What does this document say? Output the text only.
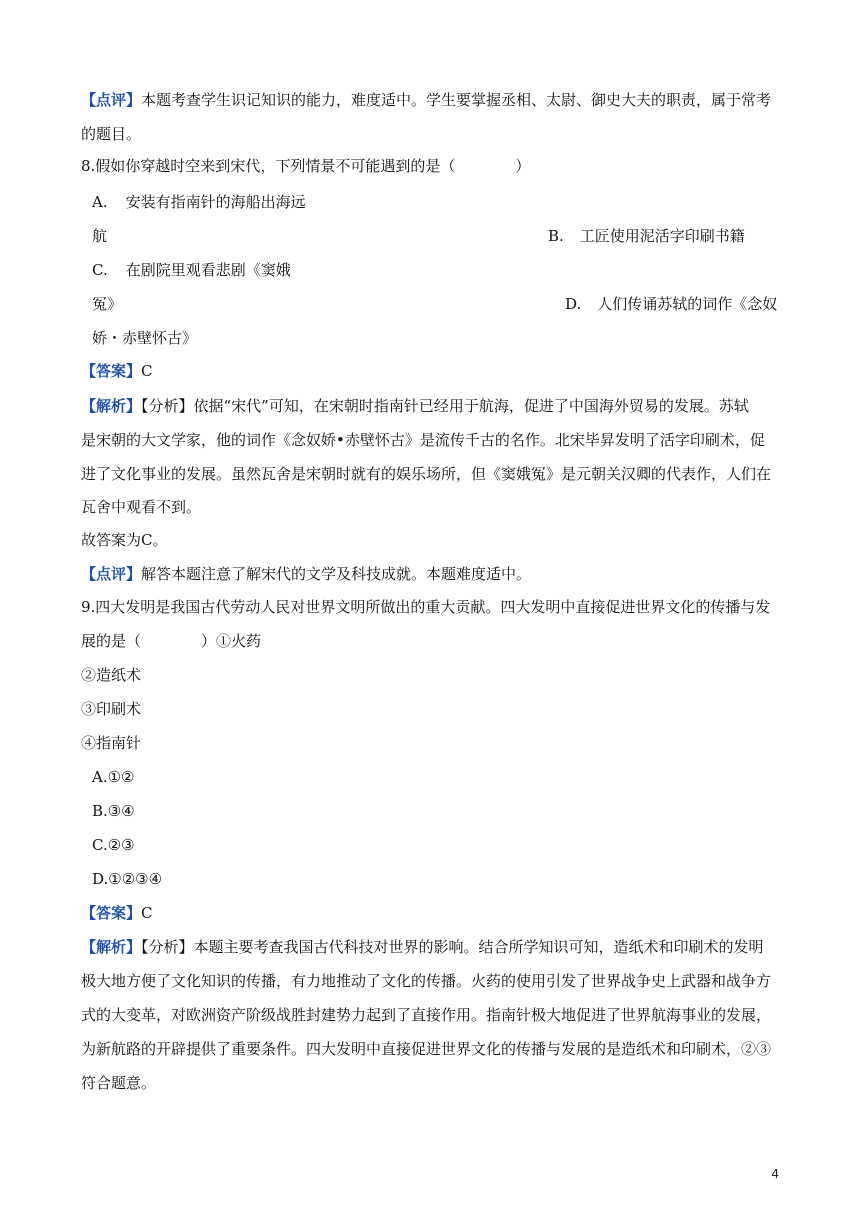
【点评】本题考查学生识记知识的能力，难度适中。学生要掌握丞相、太尉、御史大夫的职责，属于常考
的题目。
8.假如你穿越时空来到宋代，下列情景不可能遇到的是（　　　　）
A. 安装有指南针的海船出海远
航	B. 工匠使用泥活字印刷书籍
C. 在剧院里观看悲剧《窦娥
冤》	D. 人们传诵苏轼的词作《念奴
娇・赤壁怀古》
【答案】C
【解析】【分析】依据“宋代”可知，在宋朝时指南针已经用于航海，促进了中国海外贸易的发展。苏轼
是宋朝的大文学家，他的词作《念奴娇•赤壁怀古》是流传千古的名作。北宋毕昇发明了活字印刷术，促
进了文化事业的发展。虽然瓦舍是宋朝时就有的娱乐场所，但《窦娥冤》是元朝关汉卿的代表作，人们在
瓦舍中观看不到。
故答案为C。
【点评】解答本题注意了解宋代的文学及科技成就。本题难度适中。
9.四大发明是我国古代劳动人民对世界文明所做出的重大贡献。四大发明中直接促进世界文化的传播与发
展的是（　　　　）①火药
②造纸术
③印刷术
④指南针
A.①②
B.③④
C.②③
D.①②③④
【答案】C
【解析】【分析】本题主要考查我国古代科技对世界的影响。结合所学知识可知，造纸术和印刷术的发明
极大地方便了文化知识的传播，有力地推动了文化的传播。火药的使用引发了世界战争史上武器和战争方
式的大变革，对欧洲资产阶级战胜封建势力起到了直接作用。指南针极大地促进了世界航海事业的发展，
为新航路的开辟提供了重要条件。四大发明中直接促进世界文化的传播与发展的是造纸术和印刷术，②③
符合题意。
4
